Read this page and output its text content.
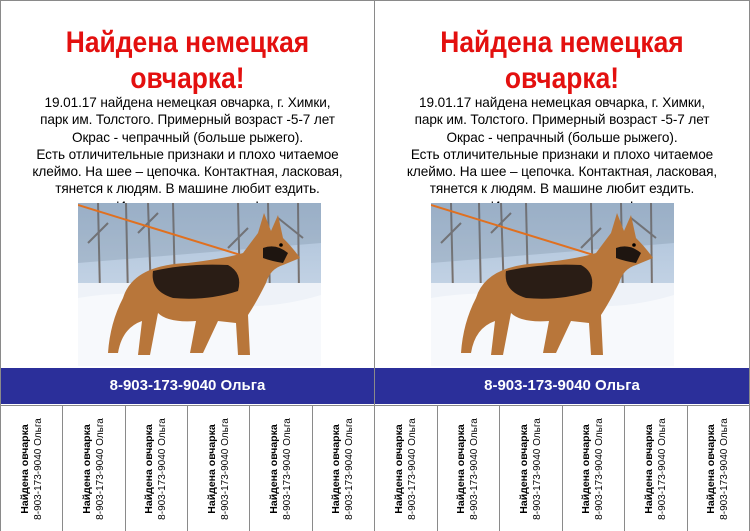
Найдена немецкая
овчарка!
19.01.17 найдена немецкая овчарка, г. Химки,
парк им. Толстого. Примерный возраст -5-7 лет
Окрас - чепрачный (больше рыжего).
Есть отличительные признаки и плохо читаемое
клеймо. На шее – цепочка. Контактная, ласковая,
тянется к людям. В машине любит ездить.
8-903-173-9040 Ольга
Найдена овчарка 8-903-173-9040 Ольга	Найдена овчарка 8-903-173-9040 Ольга	Найдена овчарка 8-903-173-9040 Ольга	Найдена овчарка 8-903-173-9040 Ольга	Найдена овчарка 8-903-173-9040 Ольга	Найдена овчарка 8-903-173-9040 Ольга
Найдена немецкая
овчарка!
19.01.17 найдена немецкая овчарка, г. Химки,
парк им. Толстого. Примерный возраст -5-7 лет
Окрас - чепрачный (больше рыжего).
Есть отличительные признаки и плохо читаемое
клеймо. На шее – цепочка. Контактная, ласковая,
тянется к людям. В машине любит ездить.
8-903-173-9040 Ольга
Найдена овчарка 8-903-173-9040 Ольга	Найдена овчарка 8-903-173-9040 Ольга	Найдена овчарка 8-903-173-9040 Ольга	Найдена овчарка 8-903-173-9040 Ольга	Найдена овчарка 8-903-173-9040 Ольга	Найдена овчарка 8-903-173-9040 Ольга
